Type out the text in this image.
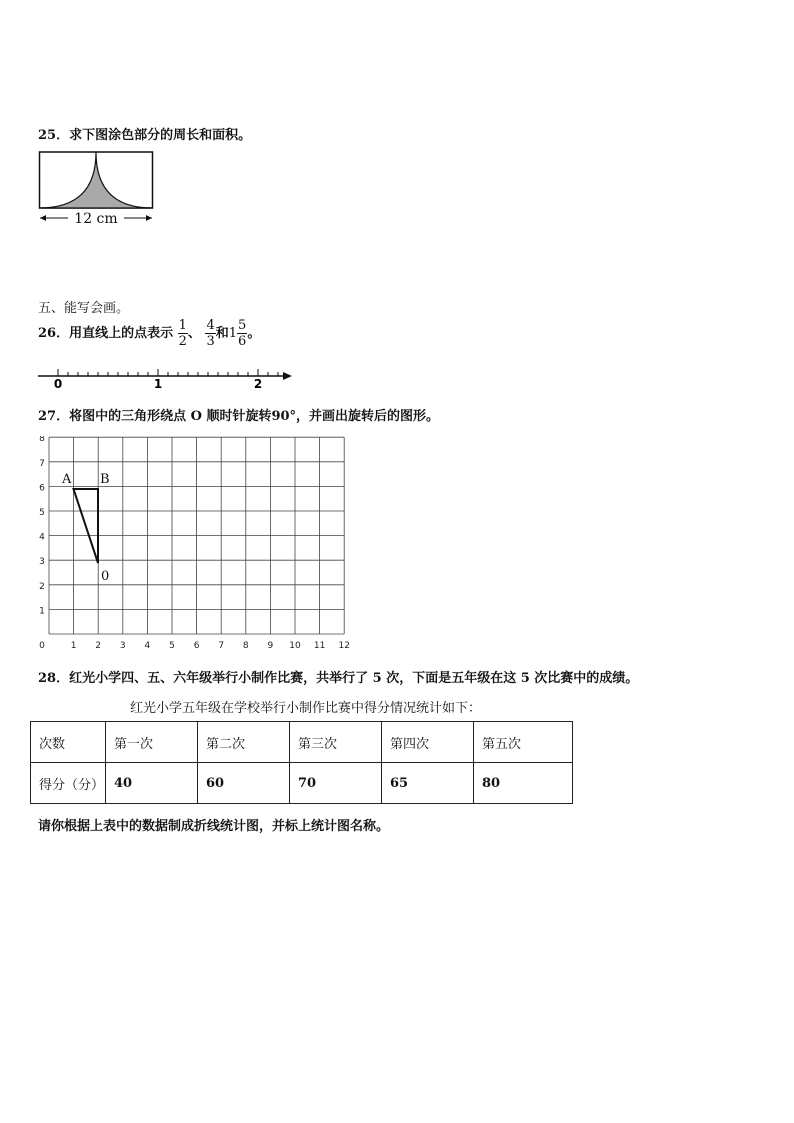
25．求下图涂色部分的周长和面积。
12 cm
五、能写会画。
26．用直线上的点表示 $\frac{1}{2}$ 、 $\frac{4}{3}$ 和$1 \frac{5}{6}$ 。
0	1	2
27．将图中的三角形绕点 O 顺时针旋转90°，并画出旋转后的图形。
0	1 2 3 4 5 6 7 8 9 10 11 12
1
2
3
4
5
6
7
8
A B
0
28．红光小学四、五、六年级举行小制作比赛，共举行了 5 次，下面是五年级在这 5 次比赛中的成绩。
红光小学五年级在学校举行小制作比赛中得分情况统计如下：
次数	第一次	第二次	第三次	第四次	第五次
得分（分）	40	60	70	65	80
请你根据上表中的数据制成折线统计图，并标上统计图名称。
